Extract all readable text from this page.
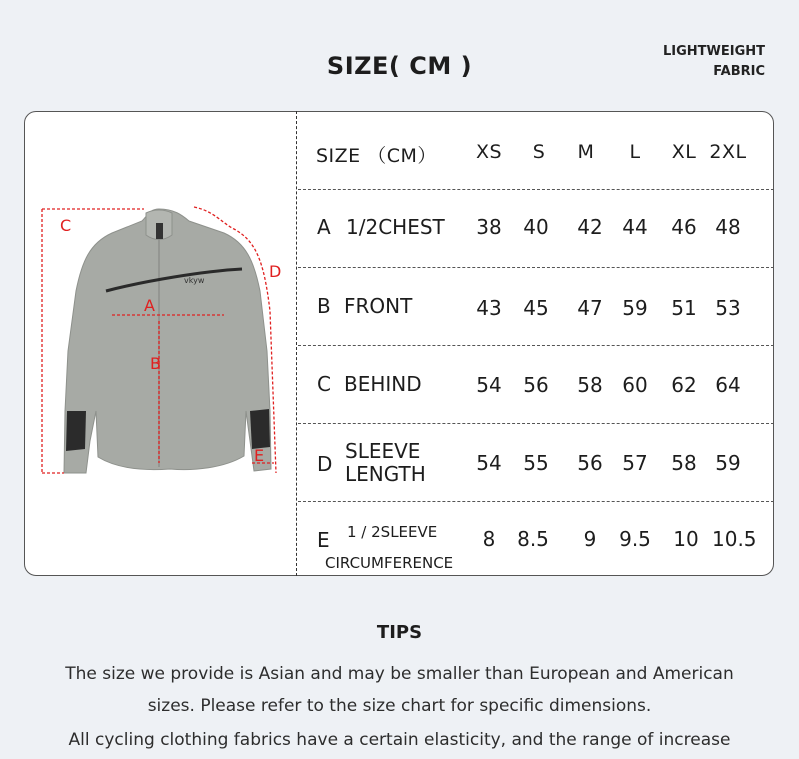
SIZE( CM )
LIGHTWEIGHT
FABRIC
vkyw
C
A
B
D
E
SIZE （CM）	XS	S	M	L	XL 2XL
A 1/2CHEST	38	40	42 44	46 48
B FRONT	43	45	47 59	51 53
C BEHIND	54	56	58 60	62 64
D
SLEEVE
LENGTH	54	55	56 57	58 59
E 1 / 2SLEEVE
CIRCUMFERENCE
8	8.5	9	9.5	10 10.5
TIPS
The size we provide is Asian and may be smaller than European and American
sizes. Please refer to the size chart for specific dimensions.
All cycling clothing fabrics have a certain elasticity, and the range of increase
